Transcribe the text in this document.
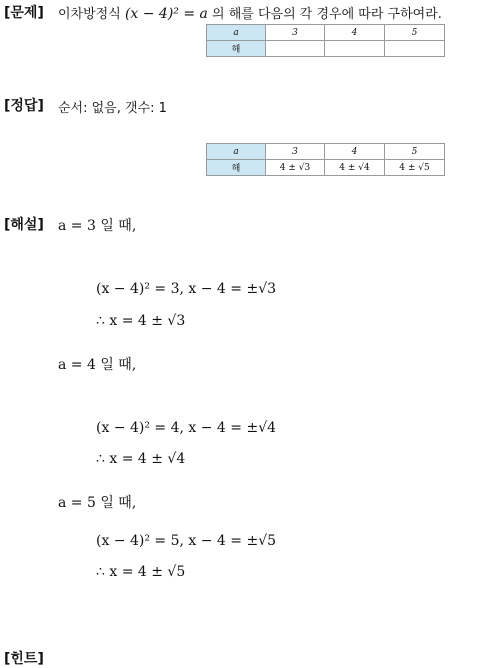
[문제] 이차방정식 (x − 4)² = a 의 해를 다음의 각 경우에 따라 구하여라.
a	3	4	5
해			
[정답] 순서: 없음, 갯수: 1
a	3	4	5
해	4 ± √3	4 ± √4	4 ± √5
[해설] a = 3 일 때,
(x − 4)² = 3, x − 4 = ±√3
∴ x = 4 ± √3
a = 4 일 때,
(x − 4)² = 4, x − 4 = ±√4
∴ x = 4 ± √4
a = 5 일 때,
(x − 4)² = 5, x − 4 = ±√5
∴ x = 4 ± √5
[힌트]
